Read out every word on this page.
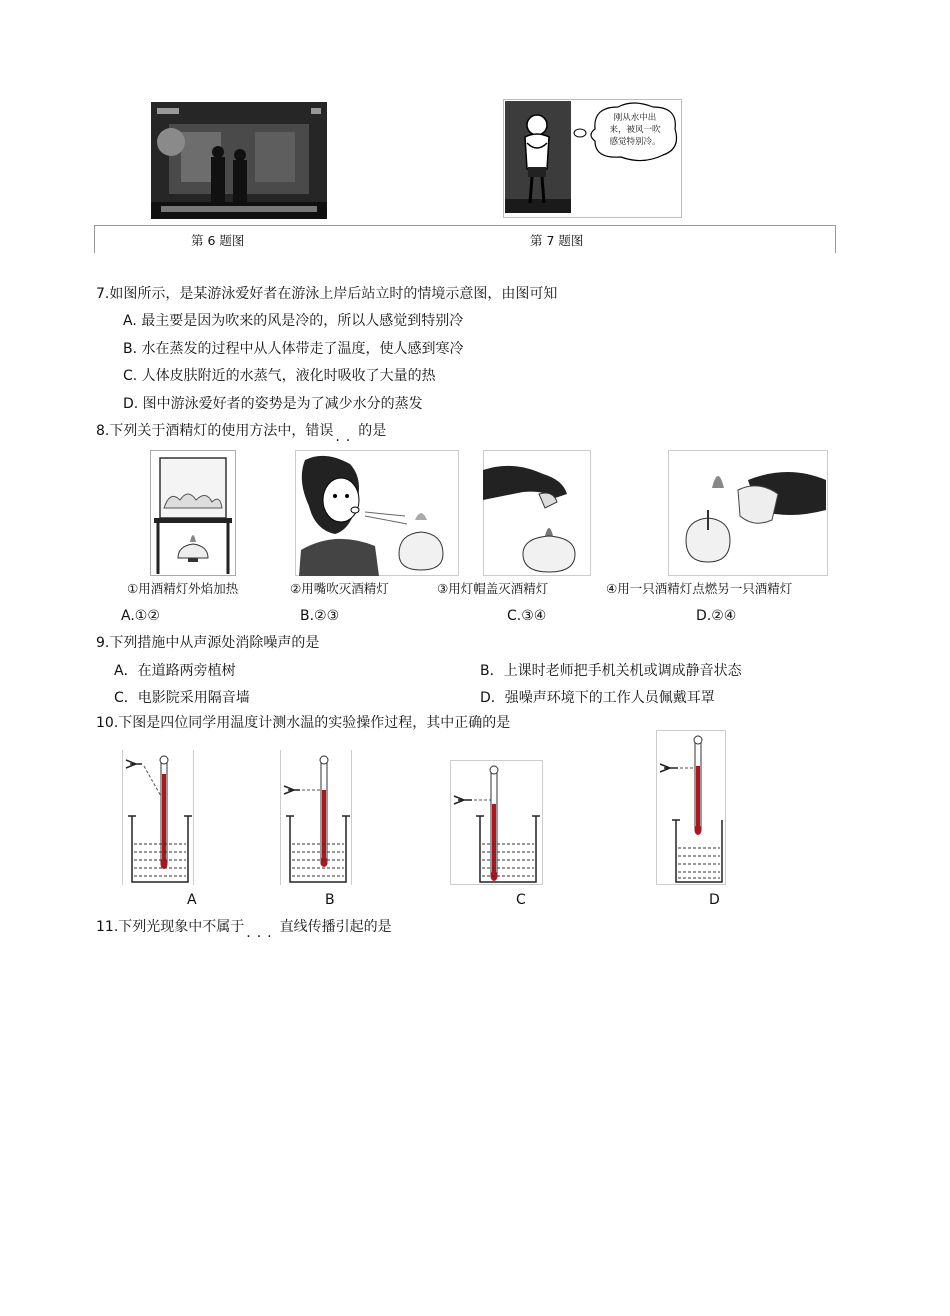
刚从水中出
来，被风一吹
感觉特别冷。
第 6 题图	第 7 题图
7.如图所示，是某游泳爱好者在游泳上岸后站立时的情境示意图，由图可知
A. 最主要是因为吹来的风是冷的，所以人感觉到特别冷
B. 水在蒸发的过程中从人体带走了温度，使人感到寒冷
C. 人体皮肤附近的水蒸气，液化时吸收了大量的热
D. 图中游泳爱好者的姿势是为了减少水分的蒸发
8.下列关于酒精灯的使用方法中，错误 .. 的是
①用酒精灯外焰加热	②用嘴吹灭酒精灯	③用灯帽盖灭酒精灯	④用一只酒精灯点燃另一只酒精灯
A.①②	B.②③	C.③④	D.②④
9.下列措施中从声源处消除噪声的是
A．在道路两旁植树	B．上课时老师把手机关机或调成静音状态
C．电影院采用隔音墙	D．强噪声环境下的工作人员佩戴耳罩
10.下图是四位同学用温度计测水温的实验操作过程，其中正确的是
A	B	C	D
11.下列光现象中不属于 ... 直线传播引起的是
